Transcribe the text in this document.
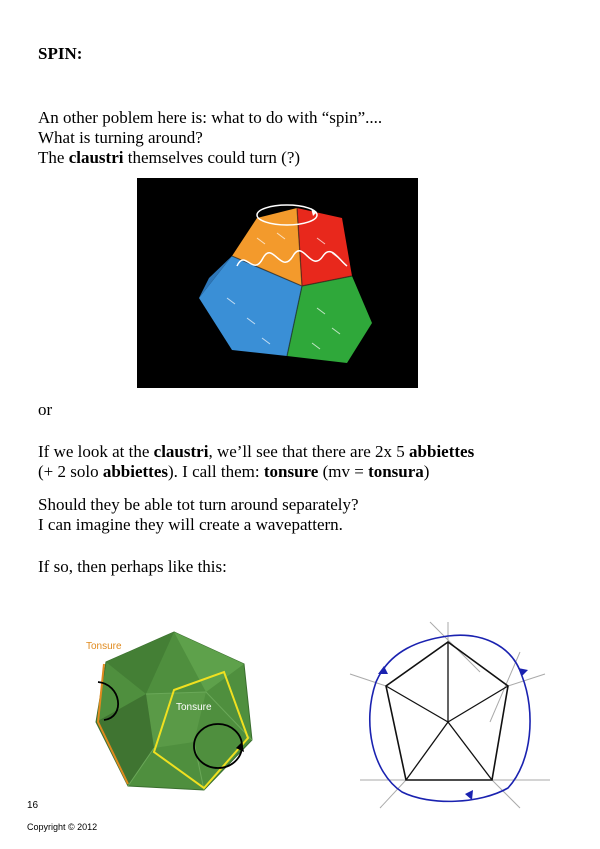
SPIN:
An other poblem here is: what to do with “spin”....
What is turning around?
The claustri themselves could turn (?)
or
If we look at the claustri, we’ll see that there are 2x 5 abbiettes
(+ 2 solo abbiettes). I call them: tonsure (mv = tonsura)
Should they be able tot turn around separately?
I can imagine they will create a wavepattern.
If so, then perhaps like this:
Tonsure
Tonsure
16
Copyright © 2012
